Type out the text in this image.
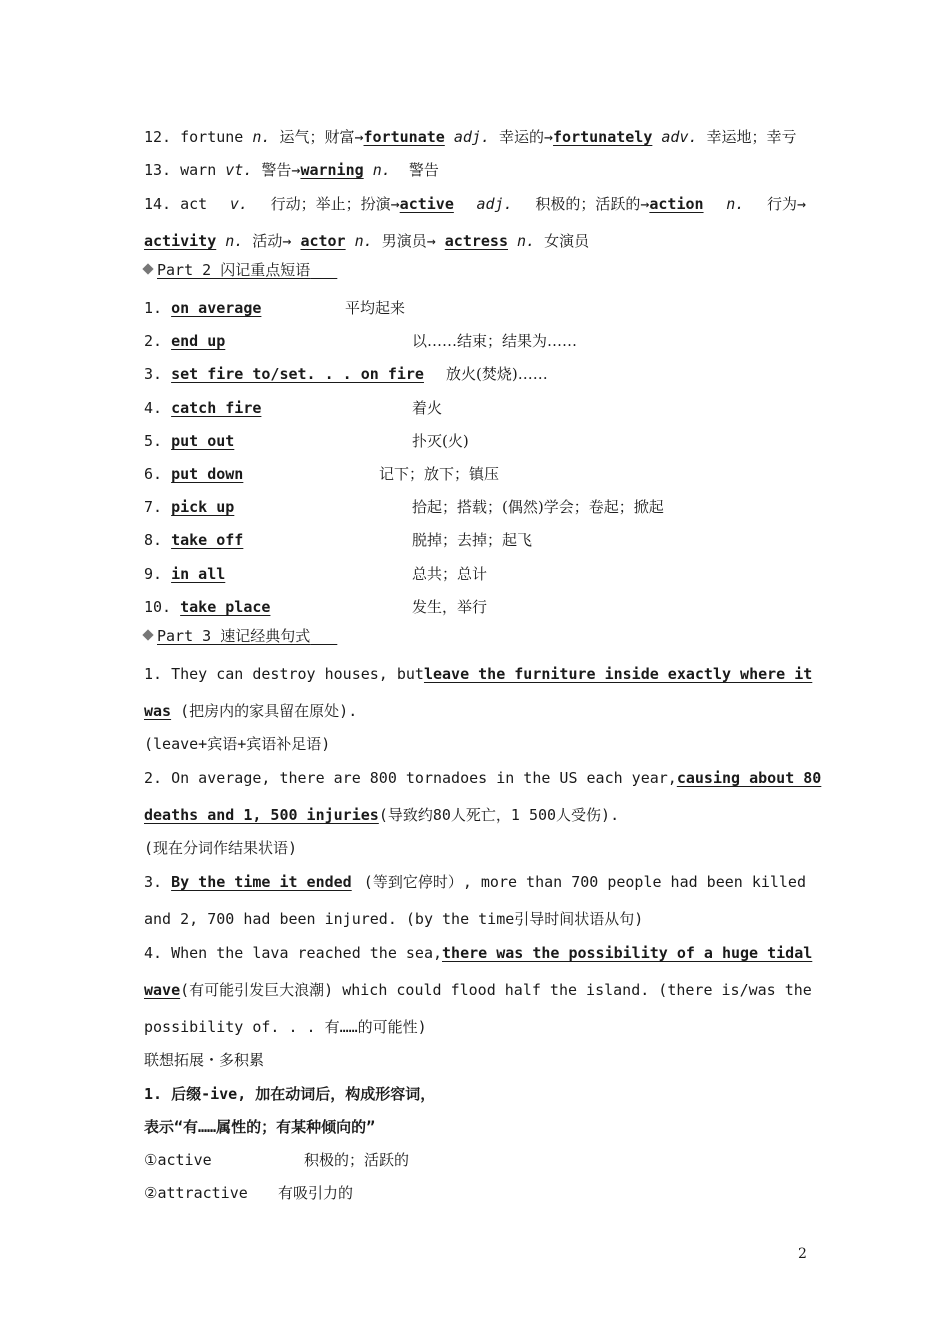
12. fortune n. 运气；财富→fortunate adj. 幸运的→fortunately adv. 幸运地；幸亏
13. warn vt. 警告→warning n. 警告
14. act v. 行动；举止；扮演→active adj. 积极的；活跃的→action n. 行为→
activity n. 活动→ actor n. 男演员→ actress n. 女演员
Part 2 闪记重点短语
1. on average	平均起来
2. end up	以……结束；结果为……
3. set fire to/set. . . on fire 放火(焚烧)……
4. catch fire	着火
5. put out	扑灭(火)
6. put down	记下；放下；镇压
7. pick up	拾起；搭载；(偶然)学会；卷起；掀起
8. take off	脱掉；去掉；起飞
9. in all	总共；总计
10. take place	发生，举行
Part 3 速记经典句式
1. They can destroy houses, but leave the furniture inside exactly where it
was (把房内的家具留在原处).
(leave+宾语+宾语补足语)
2. On average, there are 800 tornadoes in the US each year, causing about 80
deaths and 1, 500 injuries(导致约80人死亡，1 500人受伤).
(现在分词作结果状语)
3. By the time it ended (等到它停时）, more than 700 people had been killed
and 2, 700 had been injured. (by the time引导时间状语从句)
4. When the lava reached the sea, there was the possibility of a huge tidal
wave (有可能引发巨大浪潮) which could flood half the island. (there is/was the
possibility of. . . 有……的可能性)
联想拓展・多积累
1. 后缀-ive, 加在动词后，构成形容词，
表示“有……属性的；有某种倾向的”
①active	积极的；活跃的
②attractive 有吸引力的
2
